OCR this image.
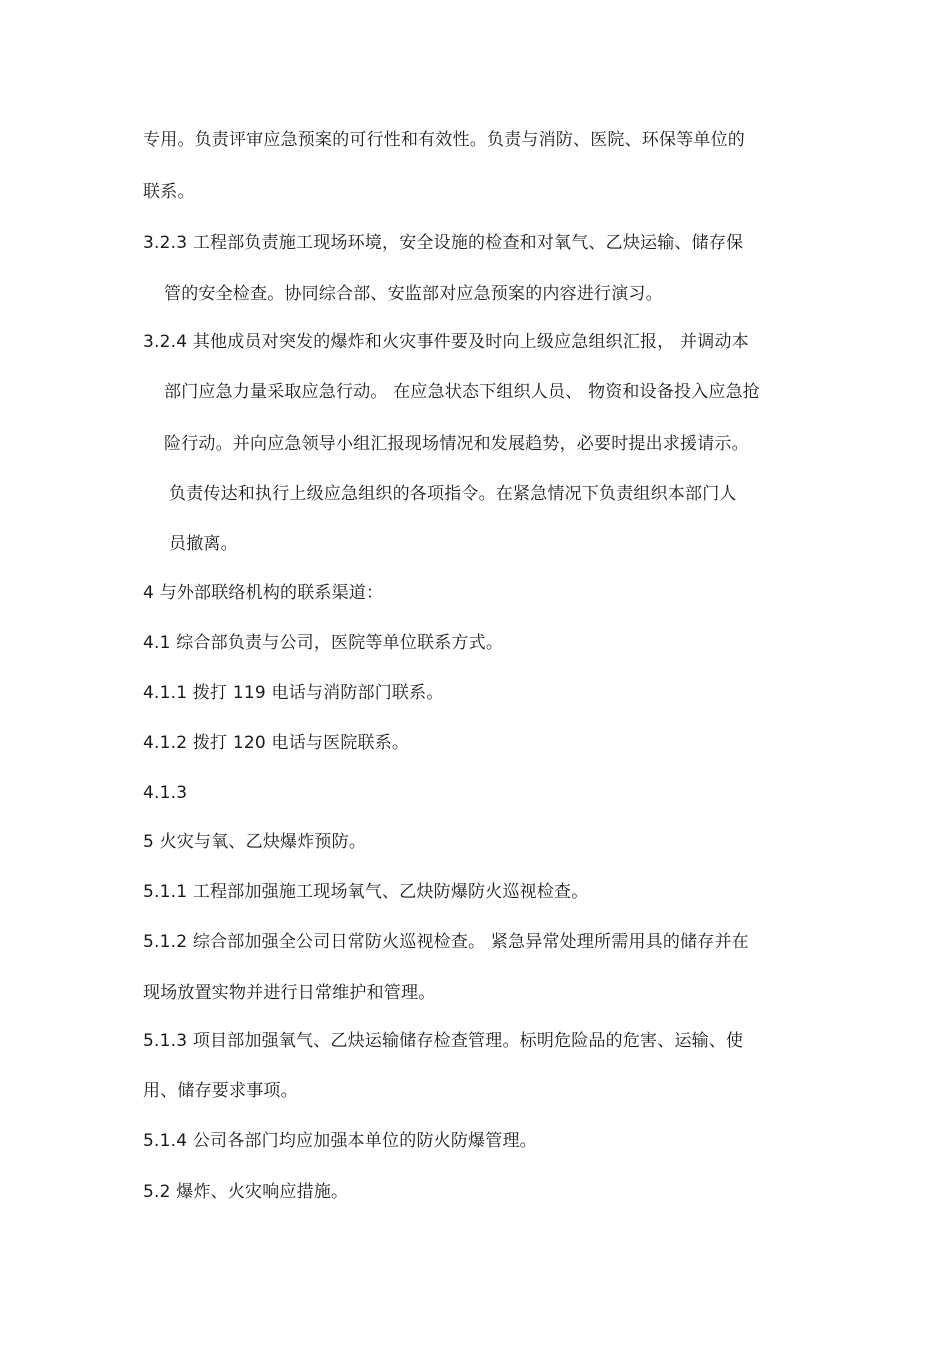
专用。负责评审应急预案的可行性和有效性。负责与消防、医院、环保等单位的
联系。
3.2.3 工程部负责施工现场环境，安全设施的检查和对氧气、乙炔运输、储存保
管的安全检查。协同综合部、安监部对应急预案的内容进行演习。
3.2.4 其他成员对突发的爆炸和火灾事件要及时向上级应急组织汇报， 并调动本
部门应急力量采取应急行动。 在应急状态下组织人员、 物资和设备投入应急抢
险行动。并向应急领导小组汇报现场情况和发展趋势，必要时提出求援请示。
负责传达和执行上级应急组织的各项指令。在紧急情况下负责组织本部门人
员撤离。
4 与外部联络机构的联系渠道：
4.1 综合部负责与公司，医院等单位联系方式。
4.1.1 拨打 119 电话与消防部门联系。
4.1.2 拨打 120 电话与医院联系。
4.1.3
5 火灾与氧、乙炔爆炸预防。
5.1.1 工程部加强施工现场氧气、乙炔防爆防火巡视检查。
5.1.2 综合部加强全公司日常防火巡视检查。 紧急异常处理所需用具的储存并在
现场放置实物并进行日常维护和管理。
5.1.3 项目部加强氧气、乙炔运输储存检查管理。标明危险品的危害、运输、使
用、储存要求事项。
5.1.4 公司各部门均应加强本单位的防火防爆管理。
5.2 爆炸、火灾响应措施。
